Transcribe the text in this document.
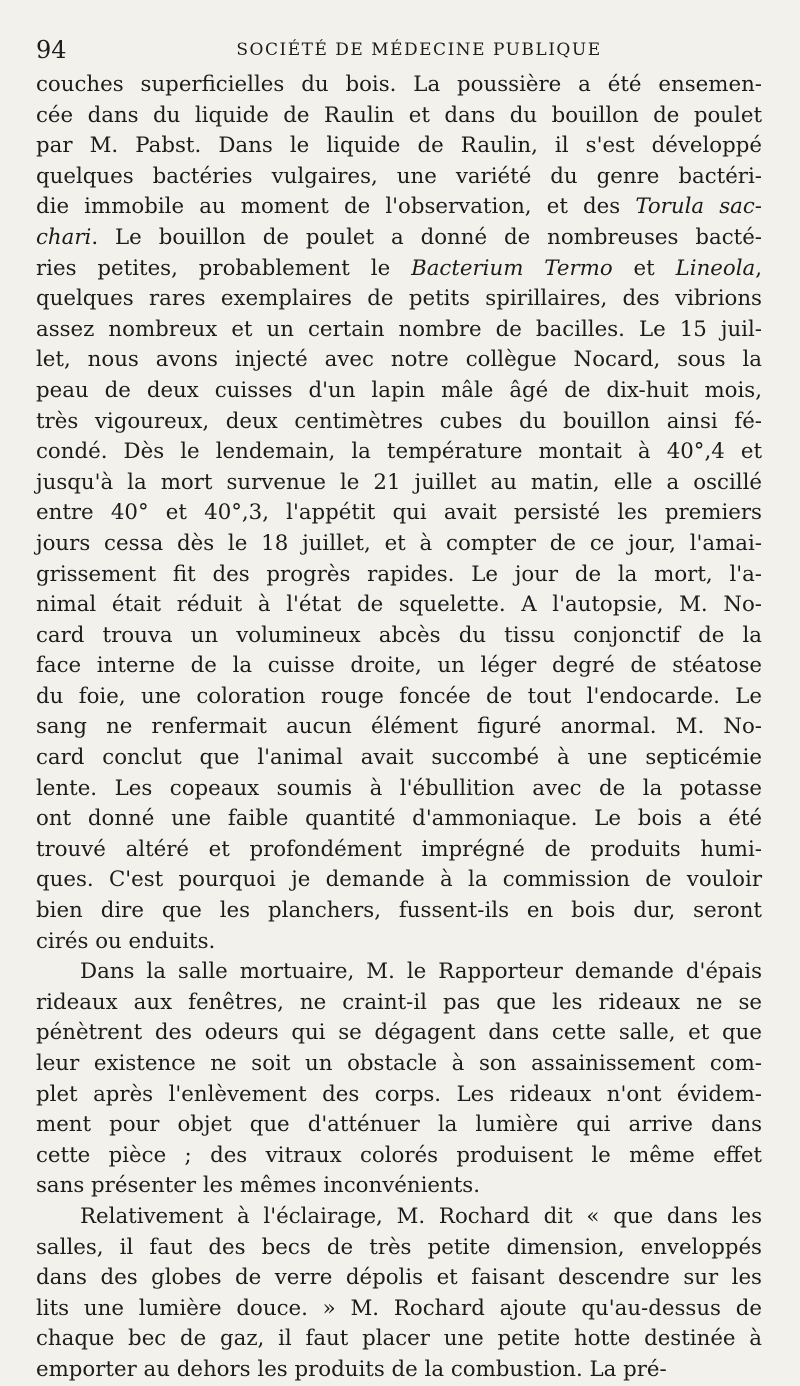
94	SOCIÉTÉ DE MÉDECINE PUBLIQUE
couches superficielles du bois. La poussière a été ensemen-
cée dans du liquide de Raulin et dans du bouillon de poulet
par M. Pabst. Dans le liquide de Raulin, il s'est développé
quelques bactéries vulgaires, une variété du genre bactéri-
die immobile au moment de l'observation, et des Torula sac-
chari. Le bouillon de poulet a donné de nombreuses bacté-
ries petites, probablement le Bacterium Termo et Lineola,
quelques rares exemplaires de petits spirillaires, des vibrions
assez nombreux et un certain nombre de bacilles. Le 15 juil-
let, nous avons injecté avec notre collègue Nocard, sous la
peau de deux cuisses d'un lapin mâle âgé de dix-huit mois,
très vigoureux, deux centimètres cubes du bouillon ainsi fé-
condé. Dès le lendemain, la température montait à 40°,4 et
jusqu'à la mort survenue le 21 juillet au matin, elle a oscillé
entre 40° et 40°,3, l'appétit qui avait persisté les premiers
jours cessa dès le 18 juillet, et à compter de ce jour, l'amai-
grissement fit des progrès rapides. Le jour de la mort, l'a-
nimal était réduit à l'état de squelette. A l'autopsie, M. No-
card trouva un volumineux abcès du tissu conjonctif de la
face interne de la cuisse droite, un léger degré de stéatose
du foie, une coloration rouge foncée de tout l'endocarde. Le
sang ne renfermait aucun élément figuré anormal. M. No-
card conclut que l'animal avait succombé à une septicémie
lente. Les copeaux soumis à l'ébullition avec de la potasse
ont donné une faible quantité d'ammoniaque. Le bois a été
trouvé altéré et profondément imprégné de produits humi-
ques. C'est pourquoi je demande à la commission de vouloir
bien dire que les planchers, fussent-ils en bois dur, seront
cirés ou enduits.
Dans la salle mortuaire, M. le Rapporteur demande d'épais
rideaux aux fenêtres, ne craint-il pas que les rideaux ne se
pénètrent des odeurs qui se dégagent dans cette salle, et que
leur existence ne soit un obstacle à son assainissement com-
plet après l'enlèvement des corps. Les rideaux n'ont évidem-
ment pour objet que d'atténuer la lumière qui arrive dans
cette pièce ; des vitraux colorés produisent le même effet
sans présenter les mêmes inconvénients.
Relativement à l'éclairage, M. Rochard dit « que dans les
salles, il faut des becs de très petite dimension, enveloppés
dans des globes de verre dépolis et faisant descendre sur les
lits une lumière douce. » M. Rochard ajoute qu'au-dessus de
chaque bec de gaz, il faut placer une petite hotte destinée à
emporter au dehors les produits de la combustion. La pré-
